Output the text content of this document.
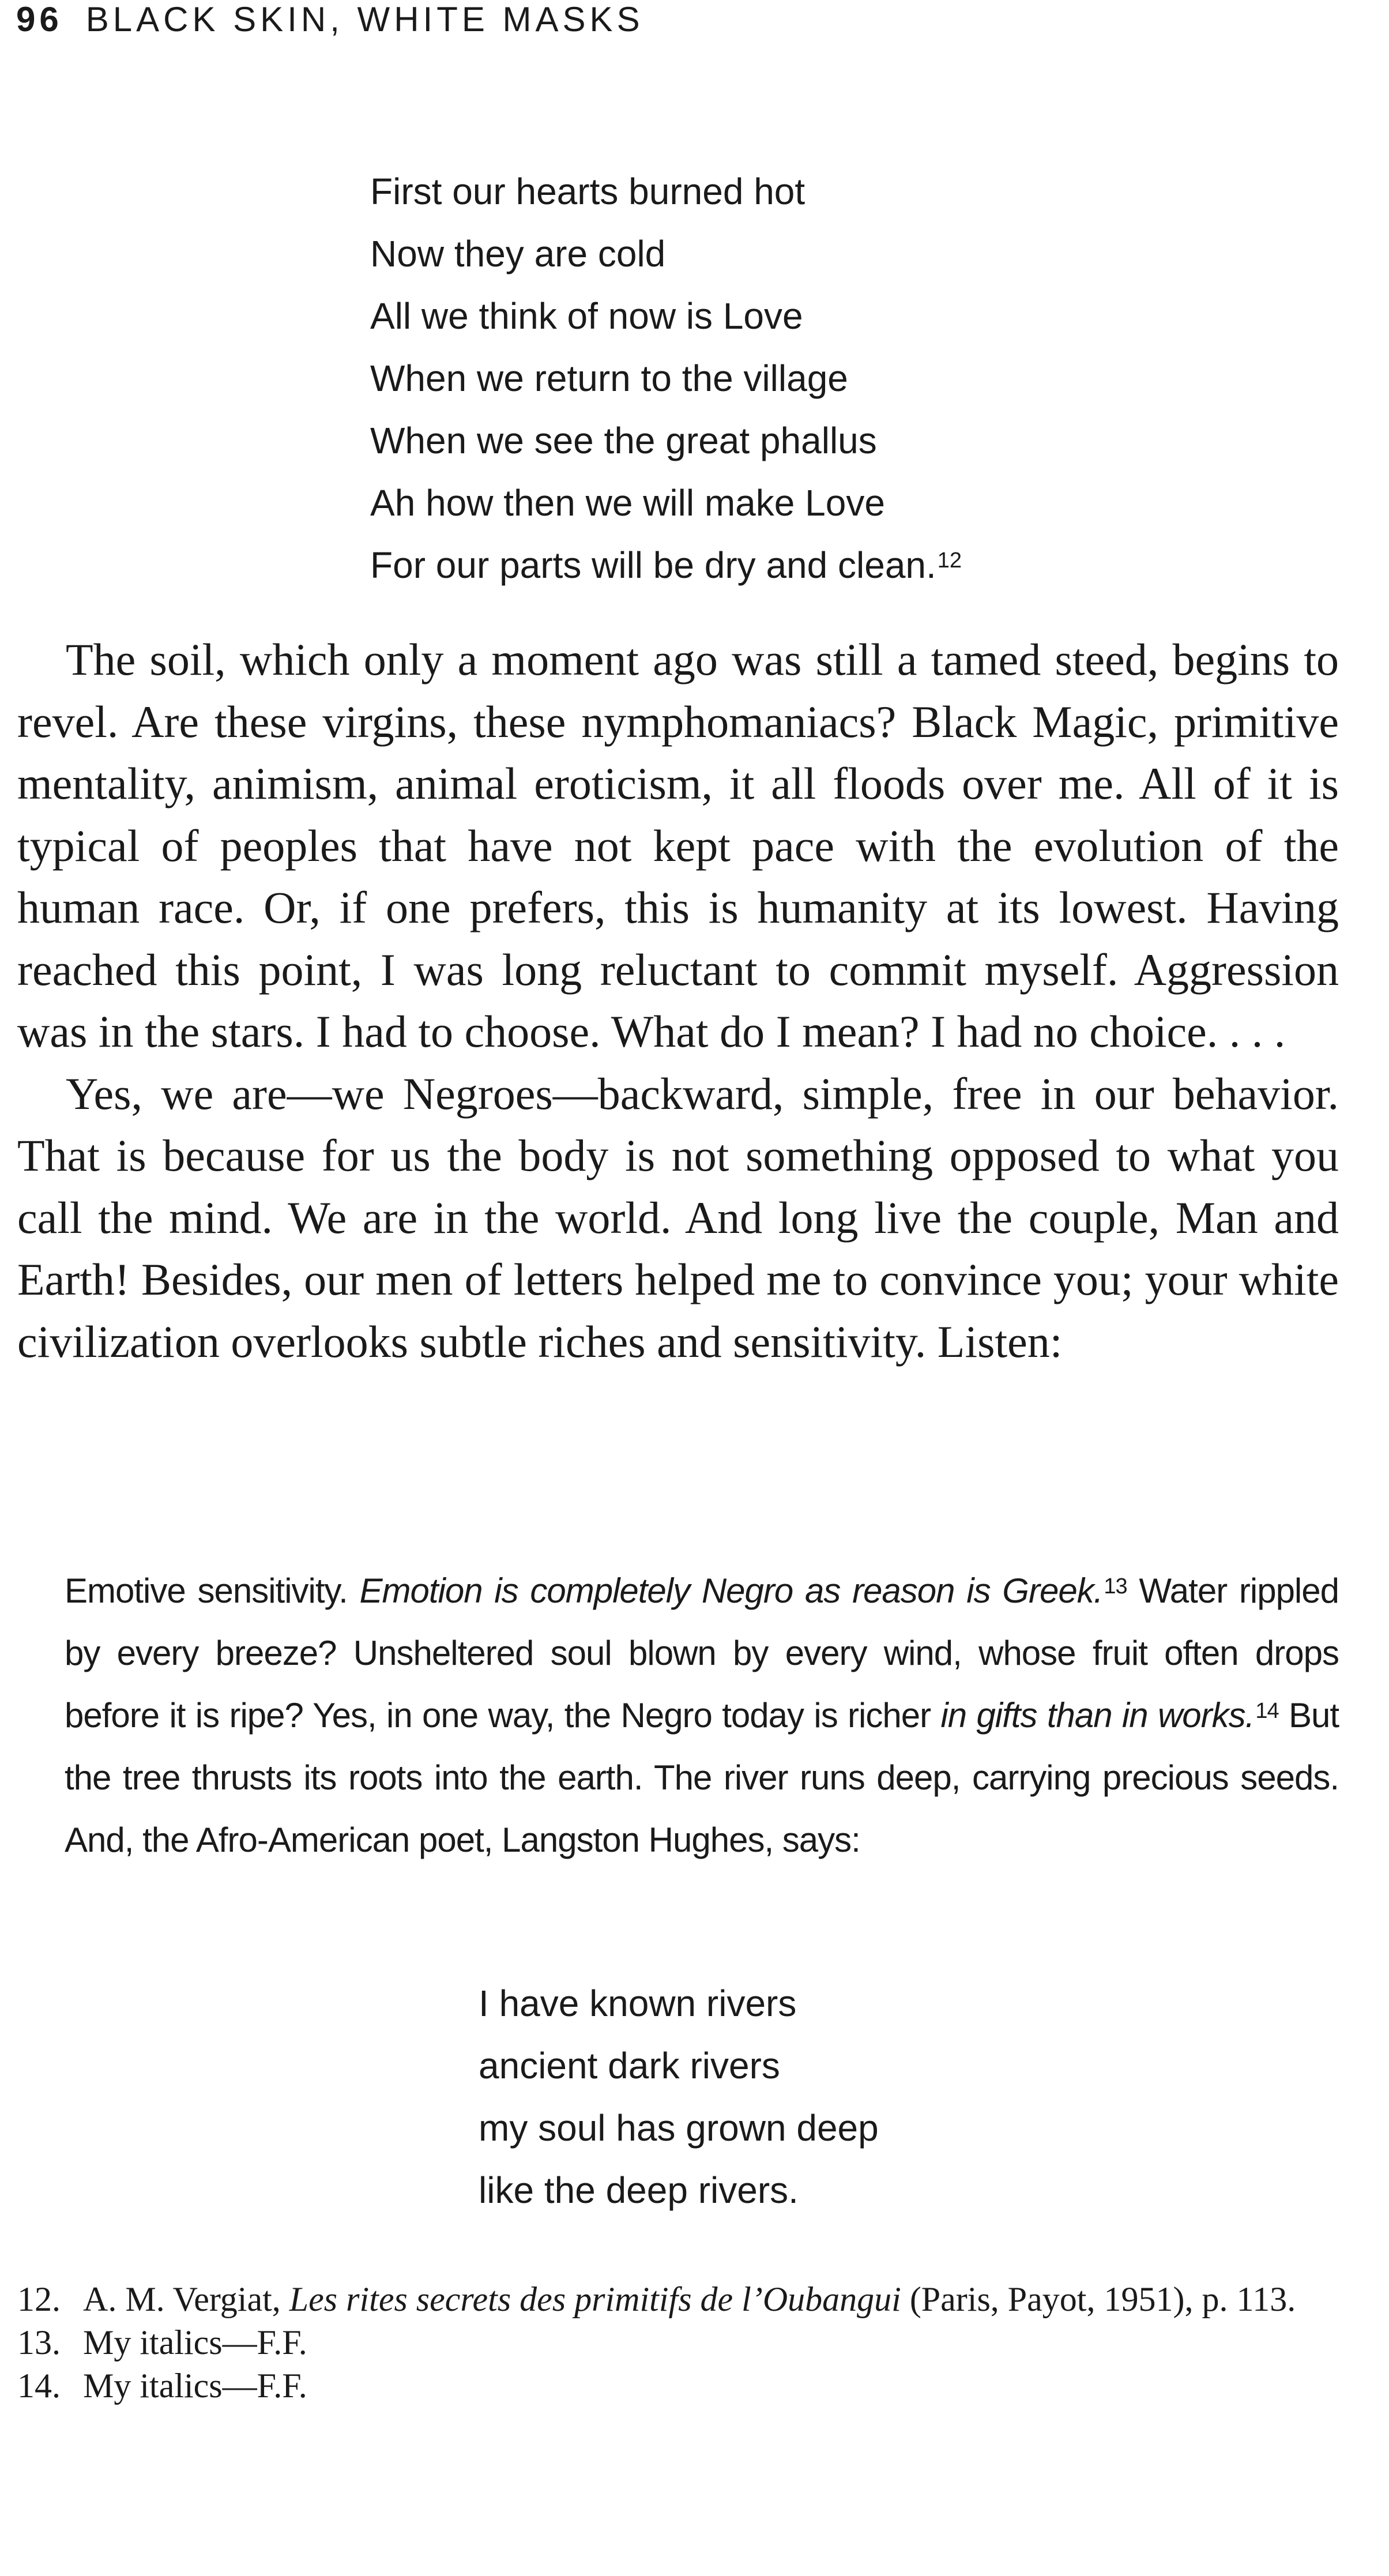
96 BLACK SKIN, WHITE MASKS
First our hearts burned hot
Now they are cold
All we think of now is Love
When we return to the village
When we see the great phallus
Ah how then we will make Love
For our parts will be dry and clean.$^{12}$

The soil, which only a moment ago was still a tamed steed, begins to revel. Are these virgins, these nymphomaniacs? Black Magic, primitive mentality, animism, animal eroticism, it all floods over me. All of it is typical of peoples that have not kept pace with the evolution of the human race. Or, if one prefers, this is humanity at its lowest. Having reached this point, I was long reluctant to commit myself. Aggression was in the stars. I had to choose. What do I mean? I had no choice. . . .

Yes, we are—we Negroes—backward, simple, free in our behavior. That is because for us the body is not something opposed to what you call the mind. We are in the world. And long live the couple, Man and Earth! Besides, our men of letters helped me to convince you; your white civilization overlooks subtle riches and sensitivity. Listen:

Emotive sensitivity. Emotion is completely Negro as reason is Greek.$^{13}$ Water rippled by every breeze? Unsheltered soul blown by every wind, whose fruit often drops before it is ripe? Yes, in one way, the Negro today is richer in gifts than in works.$^{14}$ But the tree thrusts its roots into the earth. The river runs deep, carrying precious seeds. And, the Afro-American poet, Langston Hughes, says:

I have known rivers
ancient dark rivers
my soul has grown deep
like the deep rivers.
12. A. M. Vergiat, Les rites secrets des primitifs de l’Oubangui (Paris, Payot, 1951), p. 113.
13. My italics—F.F.
14. My italics—F.F.
